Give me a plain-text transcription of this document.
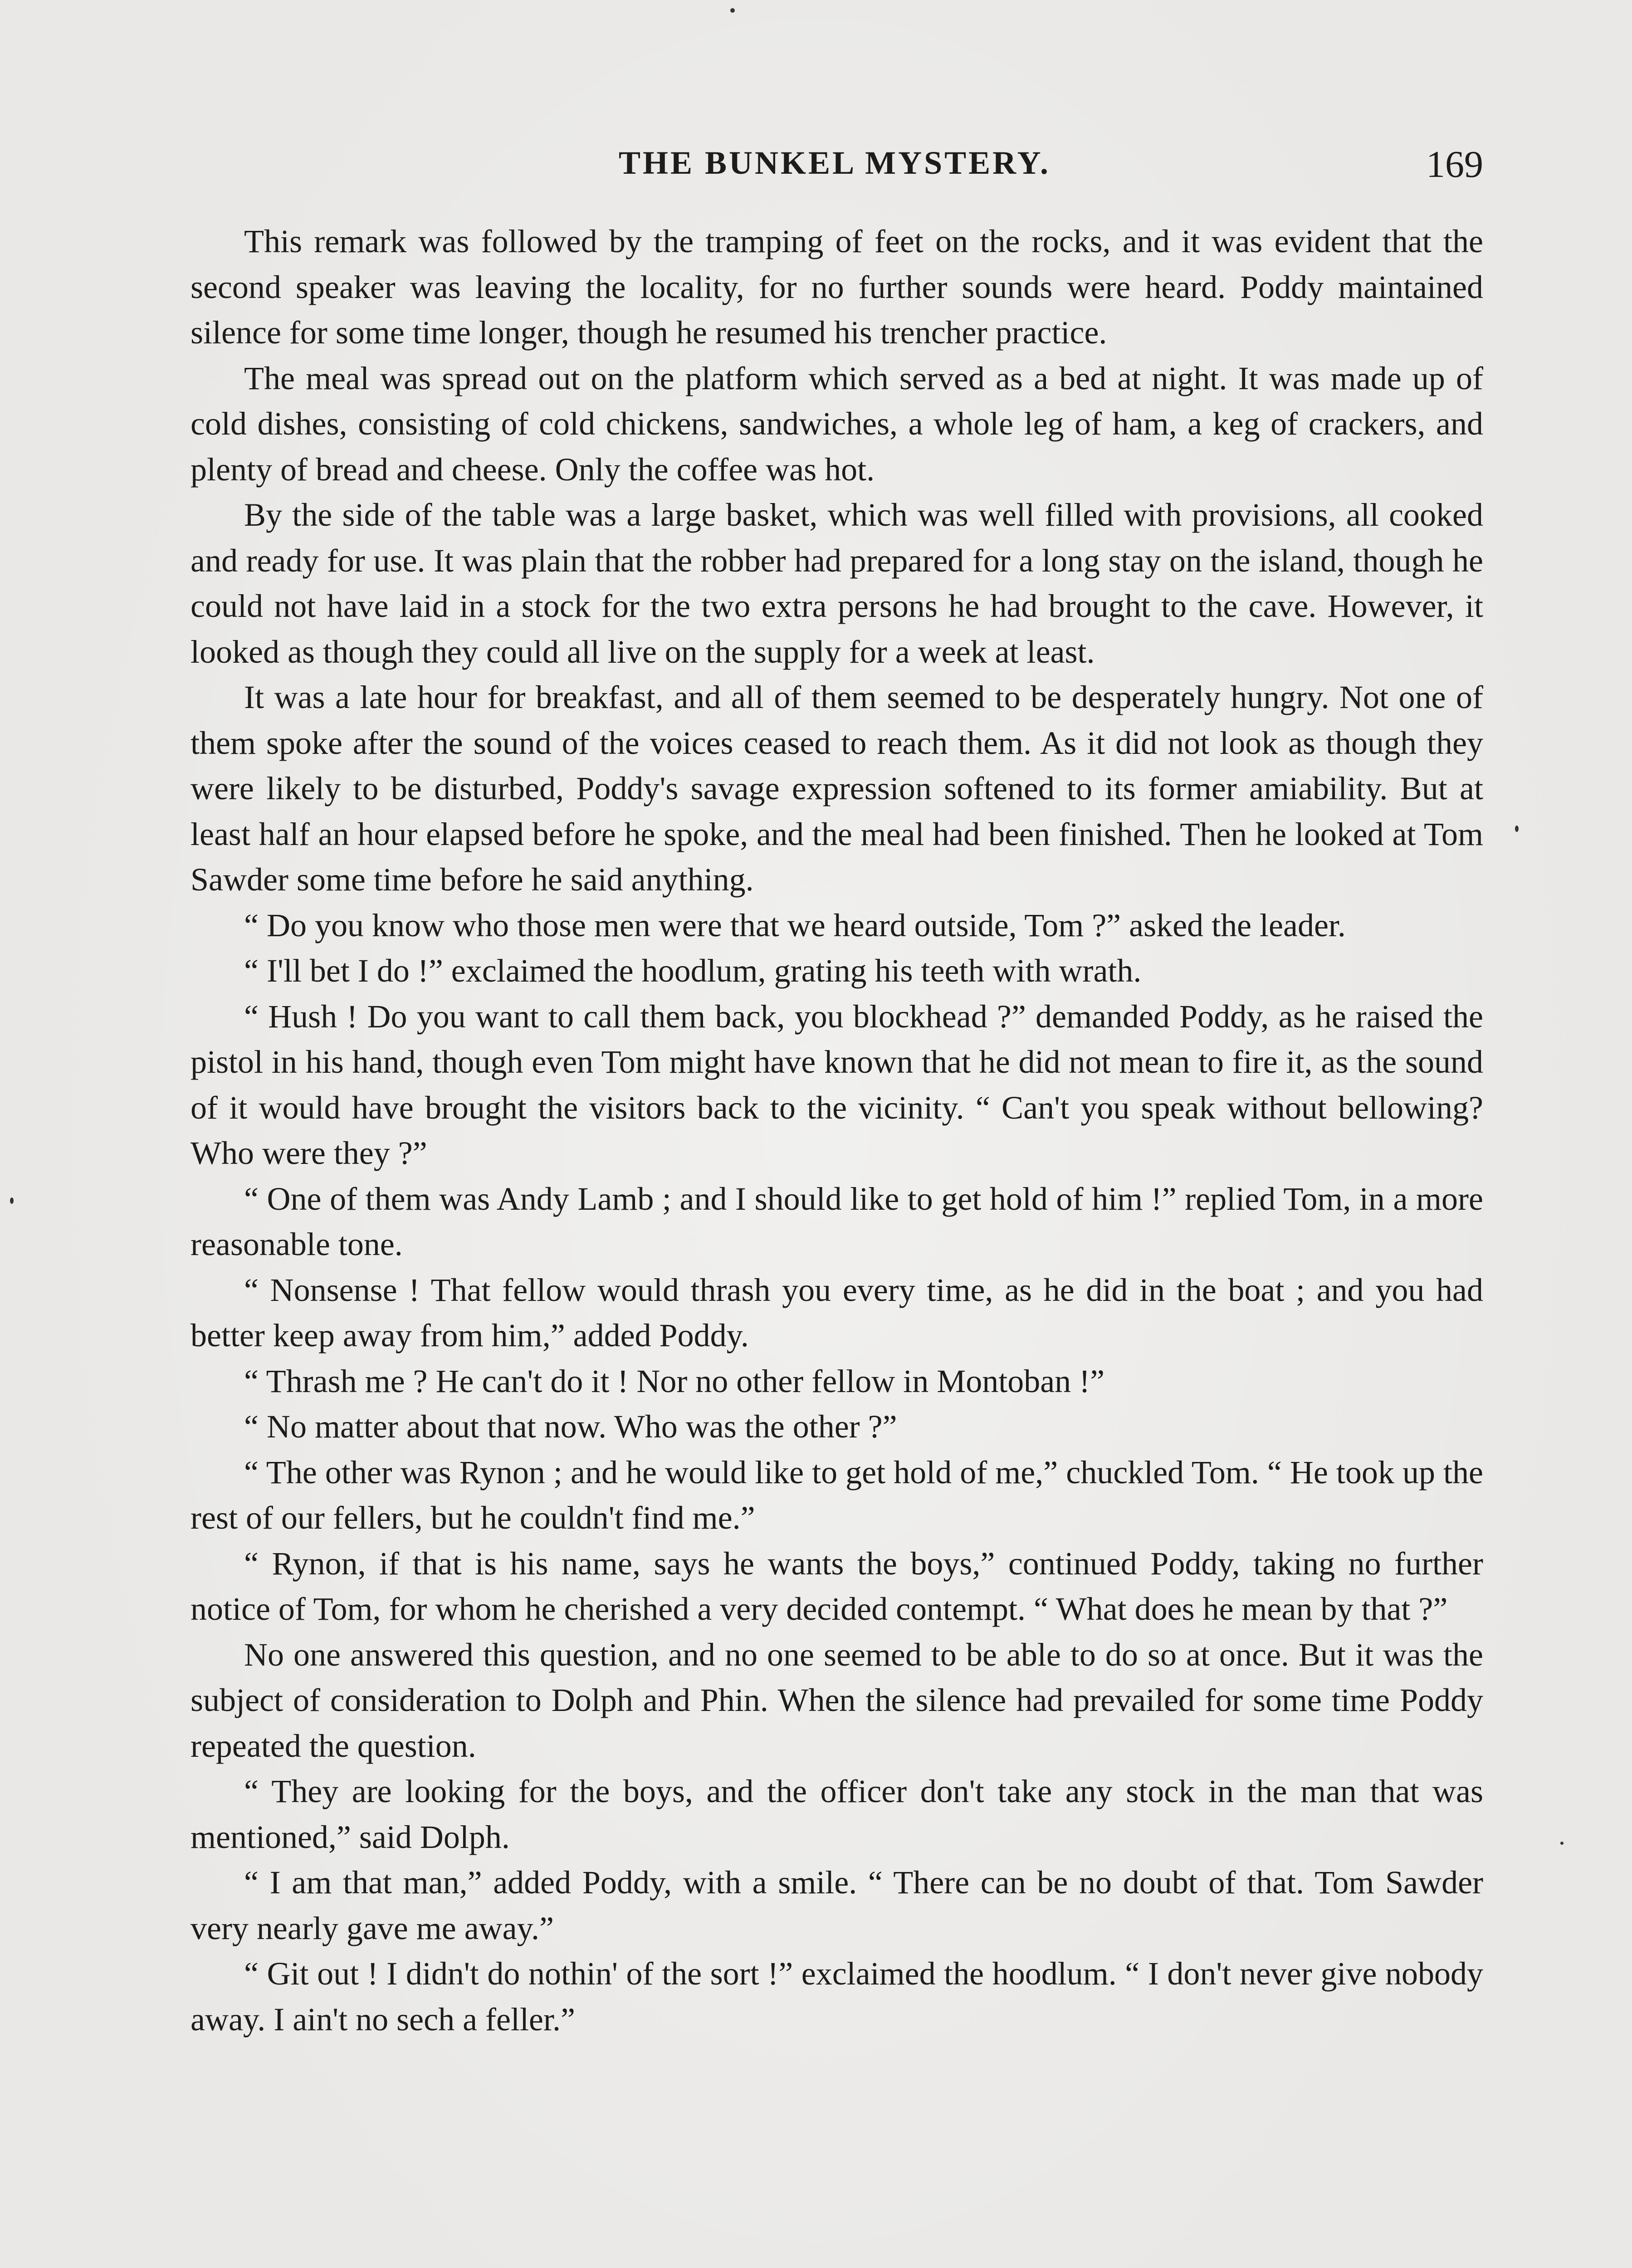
THE BUNKEL MYSTERY.	169

This remark was followed by the tramping of feet on the rocks, and it was evident that the second speaker was leaving the locality, for no further sounds were heard. Poddy maintained silence for some time longer, though he resumed his trencher practice.

The meal was spread out on the platform which served as a bed at night. It was made up of cold dishes, consisting of cold chickens, sandwiches, a whole leg of ham, a keg of crackers, and plenty of bread and cheese. Only the coffee was hot.

By the side of the table was a large basket, which was well filled with provisions, all cooked and ready for use. It was plain that the robber had prepared for a long stay on the island, though he could not have laid in a stock for the two extra persons he had brought to the cave. However, it looked as though they could all live on the supply for a week at least.

It was a late hour for breakfast, and all of them seemed to be desperately hungry. Not one of them spoke after the sound of the voices ceased to reach them. As it did not look as though they were likely to be disturbed, Poddy's savage expression softened to its former amiability. But at least half an hour elapsed before he spoke, and the meal had been finished. Then he looked at Tom Sawder some time before he said anything.

“ Do you know who those men were that we heard outside, Tom ?” asked the leader.

“ I'll bet I do !” exclaimed the hoodlum, grating his teeth with wrath.

“ Hush ! Do you want to call them back, you blockhead ?” demanded Poddy, as he raised the pistol in his hand, though even Tom might have known that he did not mean to fire it, as the sound of it would have brought the visitors back to the vicinity. “ Can't you speak without bellowing? Who were they ?”

“ One of them was Andy Lamb ; and I should like to get hold of him !” replied Tom, in a more reasonable tone.

“ Nonsense ! That fellow would thrash you every time, as he did in the boat ; and you had better keep away from him,” added Poddy.

“ Thrash me ? He can't do it ! Nor no other fellow in Montoban !”

“ No matter about that now. Who was the other ?”

“ The other was Rynon ; and he would like to get hold of me,” chuckled Tom. “ He took up the rest of our fellers, but he couldn't find me.”

“ Rynon, if that is his name, says he wants the boys,” continued Poddy, taking no further notice of Tom, for whom he cherished a very decided contempt. “ What does he mean by that ?”

No one answered this question, and no one seemed to be able to do so at once. But it was the subject of consideration to Dolph and Phin. When the silence had prevailed for some time Poddy repeated the question.

“ They are looking for the boys, and the officer don't take any stock in the man that was mentioned,” said Dolph.

“ I am that man,” added Poddy, with a smile. “ There can be no doubt of that. Tom Sawder very nearly gave me away.”

“ Git out ! I didn't do nothin' of the sort !” exclaimed the hoodlum. “ I don't never give nobody away. I ain't no sech a feller.”
